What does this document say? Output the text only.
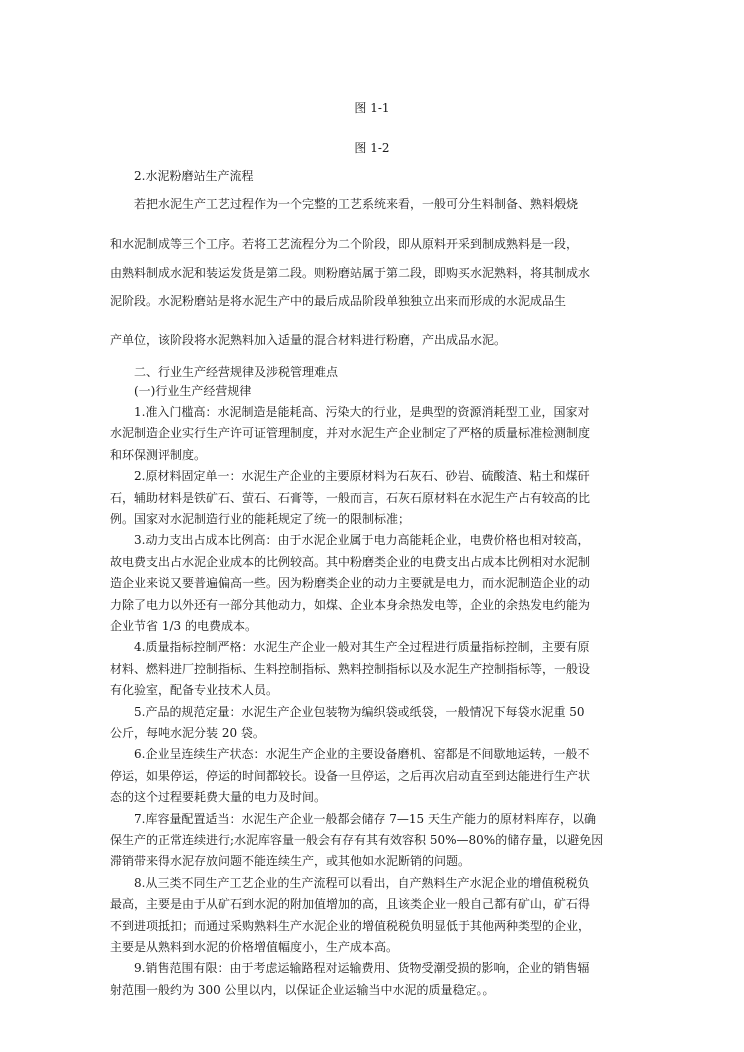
图 1-1
图 1-2
2.水泥粉磨站生产流程
若把水泥生产工艺过程作为一个完整的工艺系统来看，一般可分生料制备、熟料煅烧
和水泥制成等三个工序。若将工艺流程分为二个阶段，即从原料开采到制成熟料是一段，
由熟料制成水泥和装运发货是第二段。则粉磨站属于第二段，即购买水泥熟料，将其制成水
泥阶段。水泥粉磨站是将水泥生产中的最后成品阶段单独独立出来而形成的水泥成品生
产单位，该阶段将水泥熟料加入适量的混合材料进行粉磨，产出成品水泥。
二、行业生产经营规律及涉税管理难点
(一)行业生产经营规律
1.准入门槛高：水泥制造是能耗高、污染大的行业，是典型的资源消耗型工业，国家对
水泥制造企业实行生产许可证管理制度，并对水泥生产企业制定了严格的质量标准检测制度
和环保测评制度。
2.原材料固定单一：水泥生产企业的主要原材料为石灰石、砂岩、硫酸渣、粘土和煤矸
石，辅助材料是铁矿石、萤石、石膏等，一般而言，石灰石原材料在水泥生产占有较高的比
例。国家对水泥制造行业的能耗规定了统一的限制标准；
3.动力支出占成本比例高：由于水泥企业属于电力高能耗企业，电费价格也相对较高，
故电费支出占水泥企业成本的比例较高。其中粉磨类企业的电费支出占成本比例相对水泥制
造企业来说又要普遍偏高一些。因为粉磨类企业的动力主要就是电力，而水泥制造企业的动
力除了电力以外还有一部分其他动力，如煤、企业本身余热发电等，企业的余热发电约能为
企业节省 1/3 的电费成本。
4.质量指标控制严格：水泥生产企业一般对其生产全过程进行质量指标控制，主要有原
材料、燃料进厂控制指标、生料控制指标、熟料控制指标以及水泥生产控制指标等，一般设
有化验室，配备专业技术人员。
5.产品的规范定量：水泥生产企业包装物为编织袋或纸袋，一般情况下每袋水泥重 50
公斤，每吨水泥分装 20 袋。
6.企业呈连续生产状态：水泥生产企业的主要设备磨机、窑都是不间歇地运转，一般不
停运，如果停运，停运的时间都较长。设备一旦停运，之后再次启动直至到达能进行生产状
态的这个过程要耗费大量的电力及时间。
7.库容量配置适当：水泥生产企业一般都会储存 7—15 天生产能力的原材料库存，以确
保生产的正常连续进行;水泥库容量一般会有存有其有效容积 50%—80%的储存量，以避免因
滞销带来得水泥存放问题不能连续生产，或其他如水泥断销的问题。
8.从三类不同生产工艺企业的生产流程可以看出，自产熟料生产水泥企业的增值税税负
最高，主要是由于从矿石到水泥的附加值增加的高，且该类企业一般自己都有矿山，矿石得
不到进项抵扣；而通过采购熟料生产水泥企业的增值税税负明显低于其他两种类型的企业，
主要是从熟料到水泥的价格增值幅度小，生产成本高。
9.销售范围有限：由于考虑运输路程对运输费用、货物受潮受损的影响，企业的销售辐
射范围一般约为 300 公里以内，以保证企业运输当中水泥的质量稳定。。
